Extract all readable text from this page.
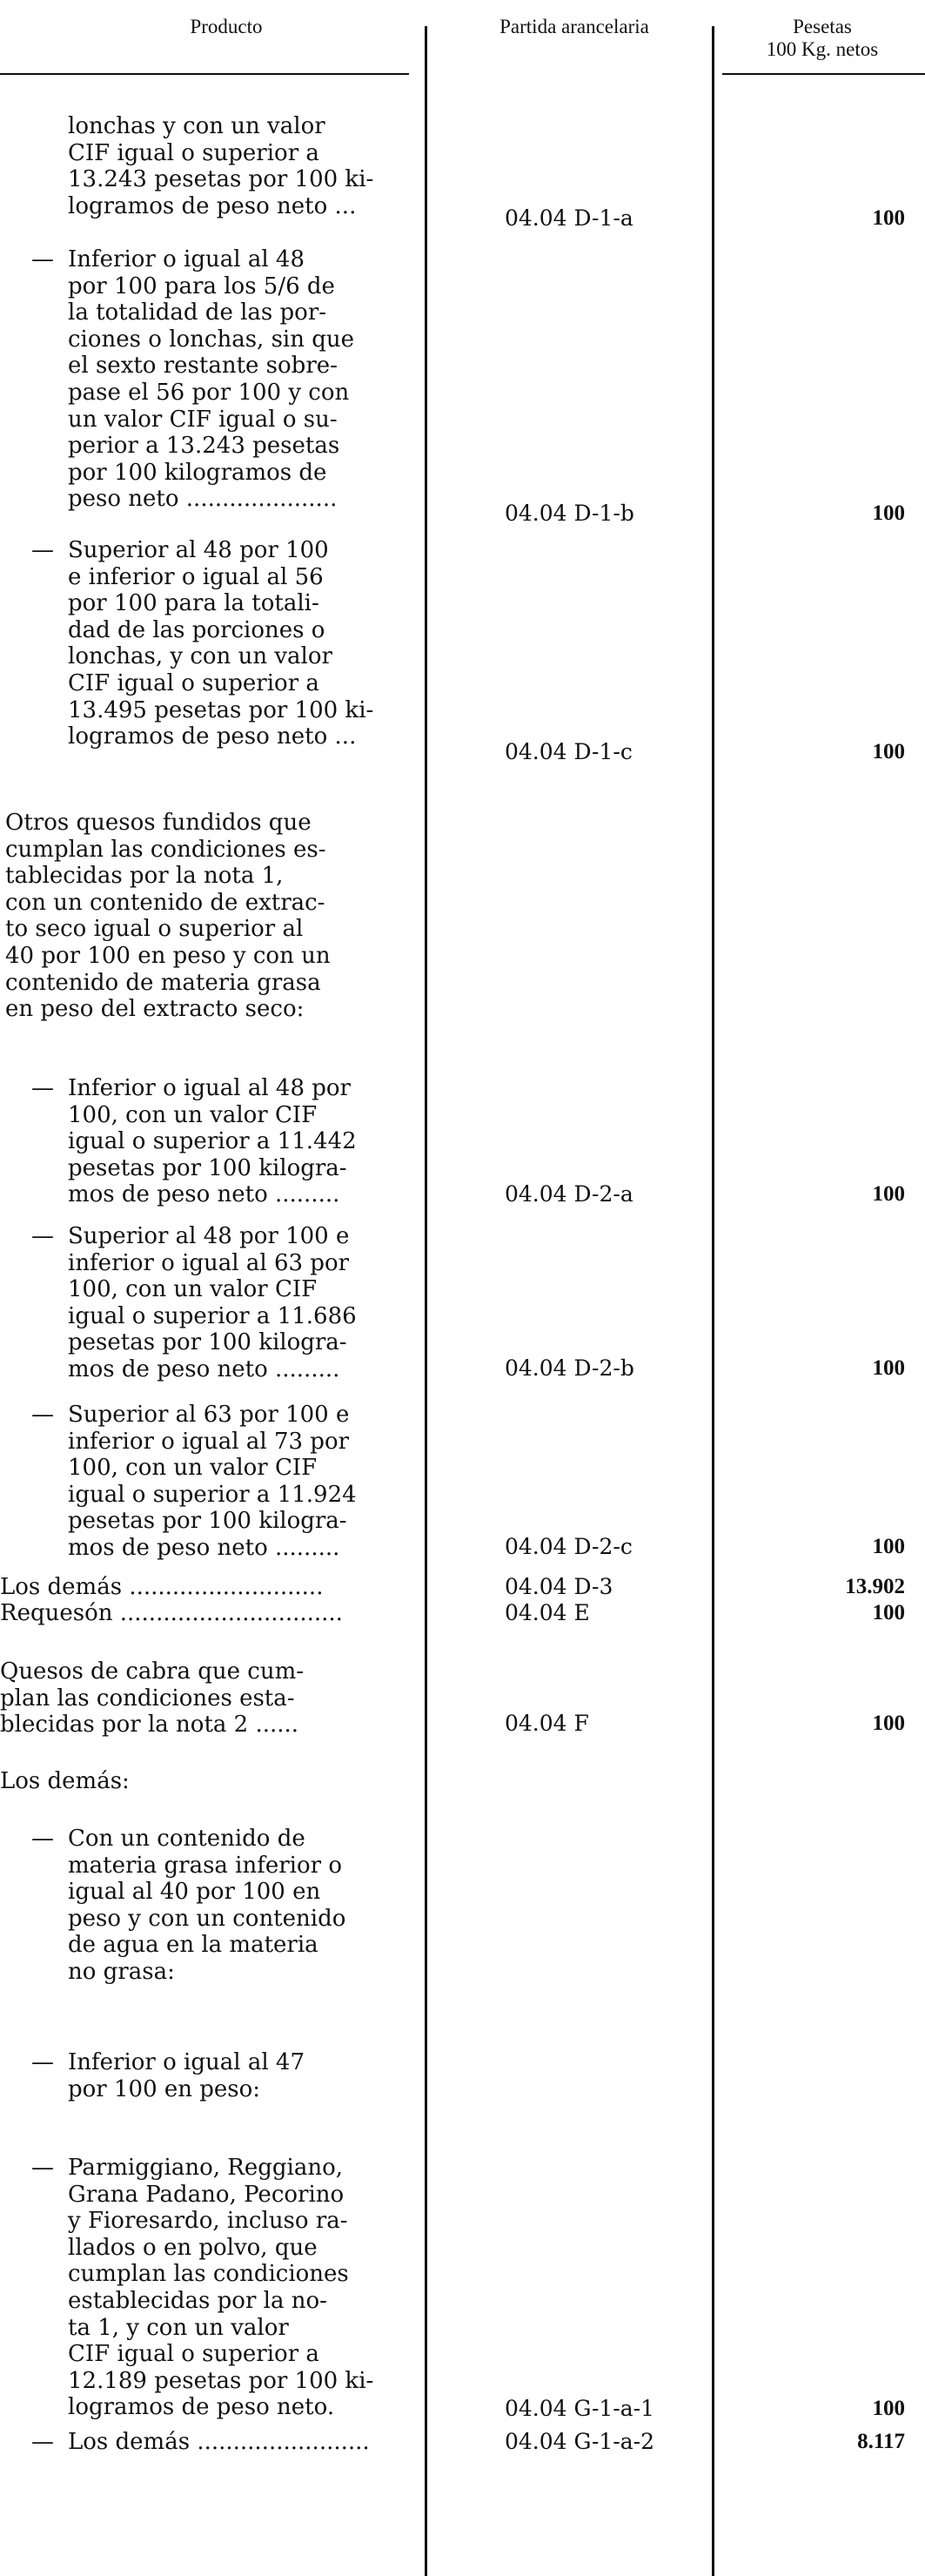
Producto	Partida arancelaria	Pesetas
100 Kg. netos
lonchas y con un valor
CIF igual o superior a
13.243 pesetas por 100 ki-
logramos de peso neto ...	04.04 D-1-a	100
— Inferior o igual al 48
por 100 para los 5/6 de
la totalidad de las por-
ciones o lonchas, sin que
el sexto restante sobre-
pase el 56 por 100 y con
un valor CIF igual o su-
perior a 13.243 pesetas
por 100 kilogramos de
peso neto .....................
04.04 D-1-b	100
— Superior al 48 por 100
e inferior o igual al 56
por 100 para la totali-
dad de las porciones o
lonchas, y con un valor
CIF igual o superior a
13.495 pesetas por 100 ki-
logramos de peso neto ...
04.04 D-1-c	100
Otros quesos fundidos que
cumplan las condiciones es-
tablecidas por la nota 1,
con un contenido de extrac-
to seco igual o superior al
40 por 100 en peso y con un
contenido de materia grasa
en peso del extracto seco:
— Inferior o igual al 48 por
100, con un valor CIF
igual o superior a 11.442
pesetas por 100 kilogra-
mos de peso neto .........	04.04 D-2-a	100
— Superior al 48 por 100 e
inferior o igual al 63 por
100, con un valor CIF
igual o superior a 11.686
pesetas por 100 kilogra-
mos de peso neto .........	04.04 D-2-b	100
— Superior al 63 por 100 e
inferior o igual al 73 por
100, con un valor CIF
igual o superior a 11.924
pesetas por 100 kilogra-
mos de peso neto .........	04.04 D-2-c	100
Los demás ...........................	04.04 D-3	13.902
Requesón ...............................	04.04 E	100
Quesos de cabra que cum-
plan las condiciones esta-
blecidas por la nota 2 ......	04.04 F	100
Los demás:
— Con un contenido de
materia grasa inferior o
igual al 40 por 100 en
peso y con un contenido
de agua en la materia
no grasa:
— Inferior o igual al 47
por 100 en peso:
— Parmiggiano, Reggiano,
Grana Padano, Pecorino
y Fioresardo, incluso ra-
llados o en polvo, que
cumplan las condiciones
establecidas por la no-
ta 1, y con un valor
CIF igual o superior a
12.189 pesetas por 100 ki-
logramos de peso neto.	04.04 G-1-a-1	100
— Los demás ........................	04.04 G-1-a-2	8.117
